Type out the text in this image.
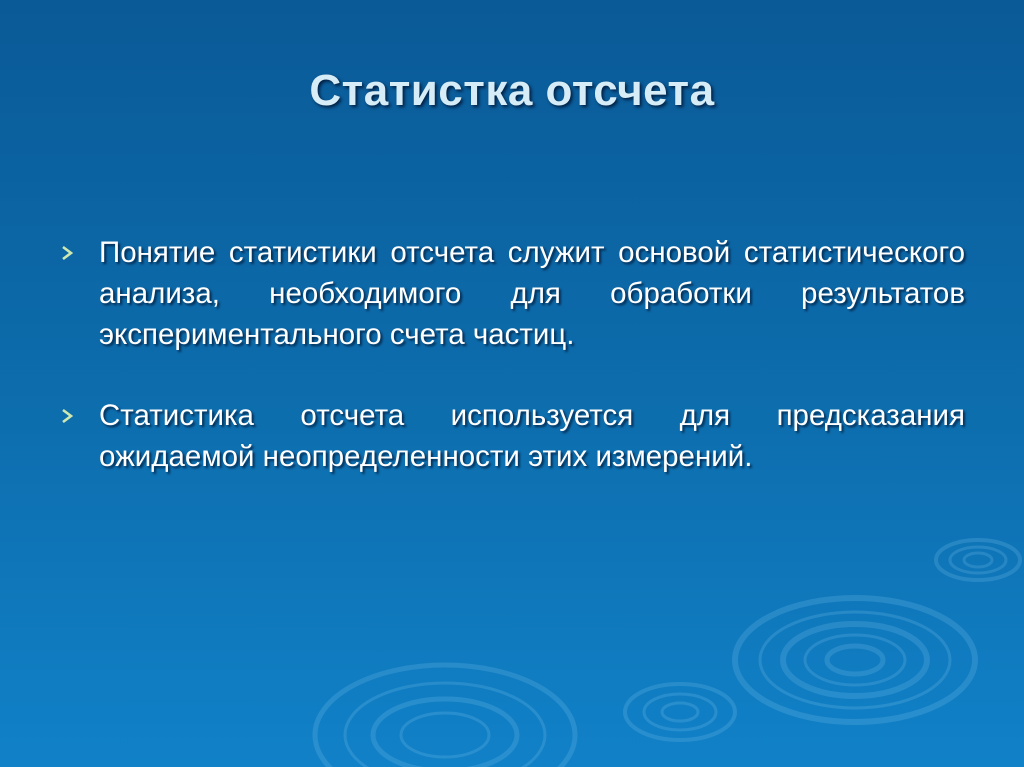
Статистка отсчета
Понятие статистики отсчета служит основой статистического анализа, необходимого для обработки результатов экспериментального счета частиц.
Статистика отсчета используется для предсказания ожидаемой неопределенности этих измерений.
